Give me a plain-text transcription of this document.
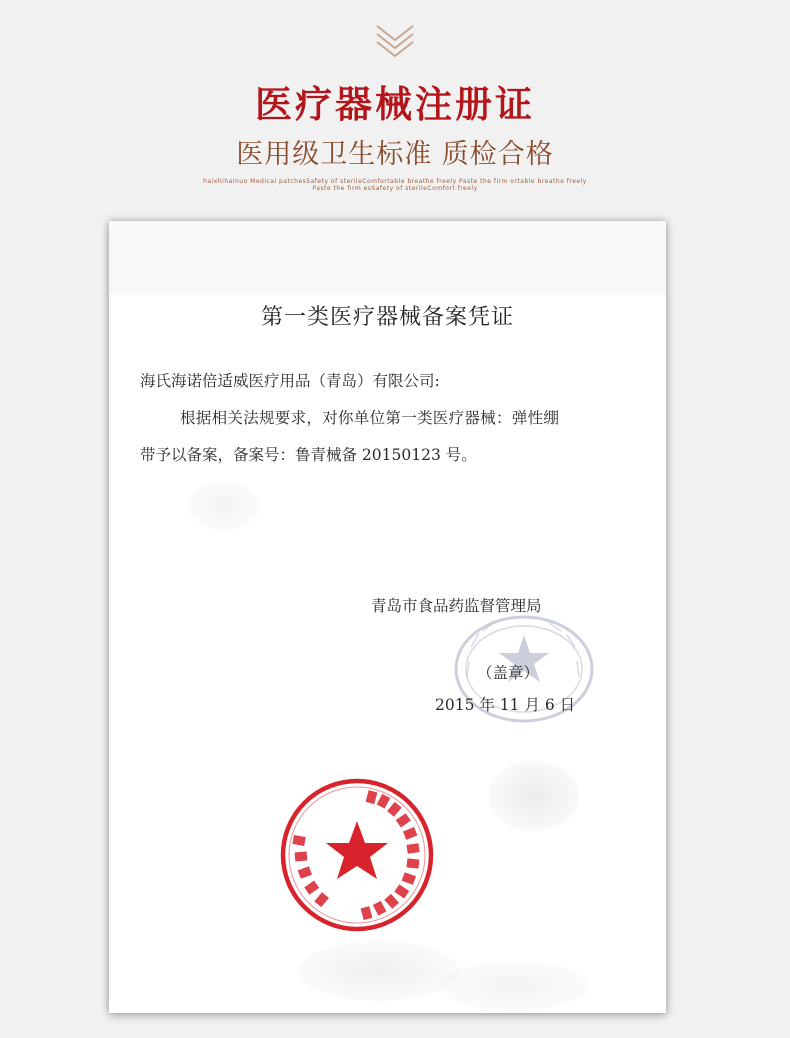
医疗器械注册证
医用级卫生标准 质检合格
haixhihainuo Medical patchesSafety of sterileComfortable breathe freely Paste the firm ortable breathe freely
Paste the firm esSafety of sterileComfort freely
第一类医疗器械备案凭证
海氏海诺倍适威医疗用品（青岛）有限公司:
根据相关法规要求，对你单位第一类医疗器械：弹性绷
带予以备案，备案号：鲁青械备 20150123 号。
青岛市食品药监督管理局
（盖章）
2015 年 11 月 6 日
